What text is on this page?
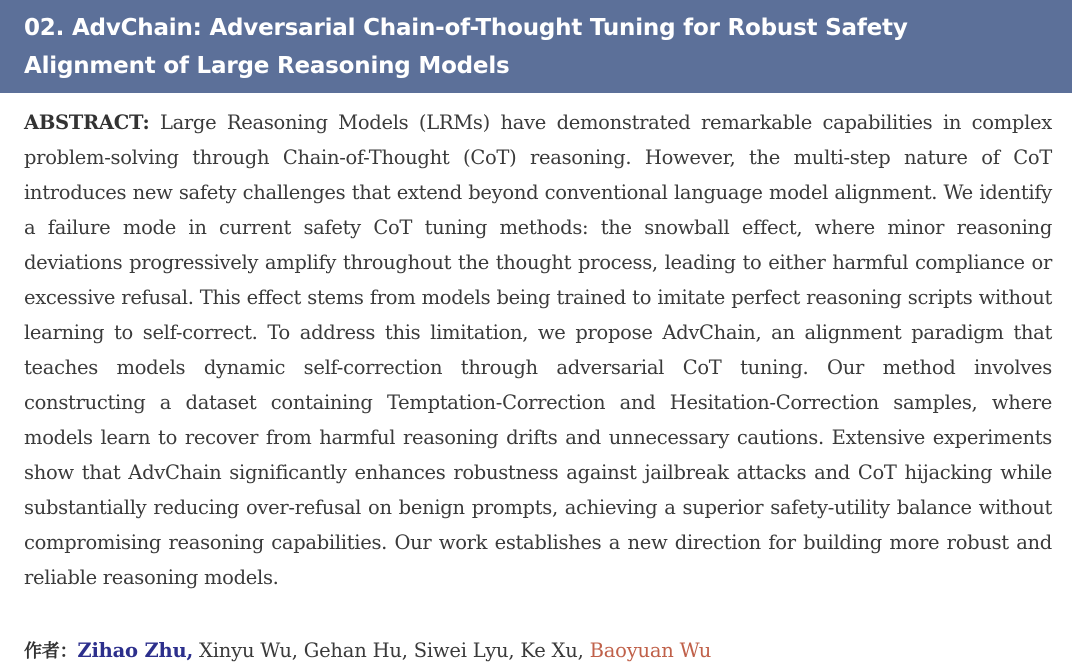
02. AdvChain: Adversarial Chain-of-Thought Tuning for Robust Safety Alignment of Large Reasoning Models

ABSTRACT: Large Reasoning Models (LRMs) have demonstrated remarkable capabilities in complex problem-solving through Chain-of-Thought (CoT) reasoning. However, the multi-step nature of CoT introduces new safety challenges that extend beyond conventional language model alignment. We identify a failure mode in current safety CoT tuning methods: the snowball effect, where minor reasoning deviations progressively amplify throughout the thought process, leading to either harmful compliance or excessive refusal. This effect stems from models being trained to imitate perfect reasoning scripts without learning to self-correct. To address this limitation, we propose AdvChain, an alignment paradigm that teaches models dynamic self-correction through adversarial CoT tuning. Our method involves constructing a dataset containing Temptation-Correction and Hesitation-Correction samples, where models learn to recover from harmful reasoning drifts and unnecessary cautions. Extensive experiments show that AdvChain significantly enhances robustness against jailbreak attacks and CoT hijacking while substantially reducing over-refusal on benign prompts, achieving a superior safety-utility balance without compromising reasoning capabilities. Our work establishes a new direction for building more robust and reliable reasoning models.

作者：Zihao Zhu, Xinyu Wu, Gehan Hu, Siwei Lyu, Ke Xu, Baoyuan Wu
